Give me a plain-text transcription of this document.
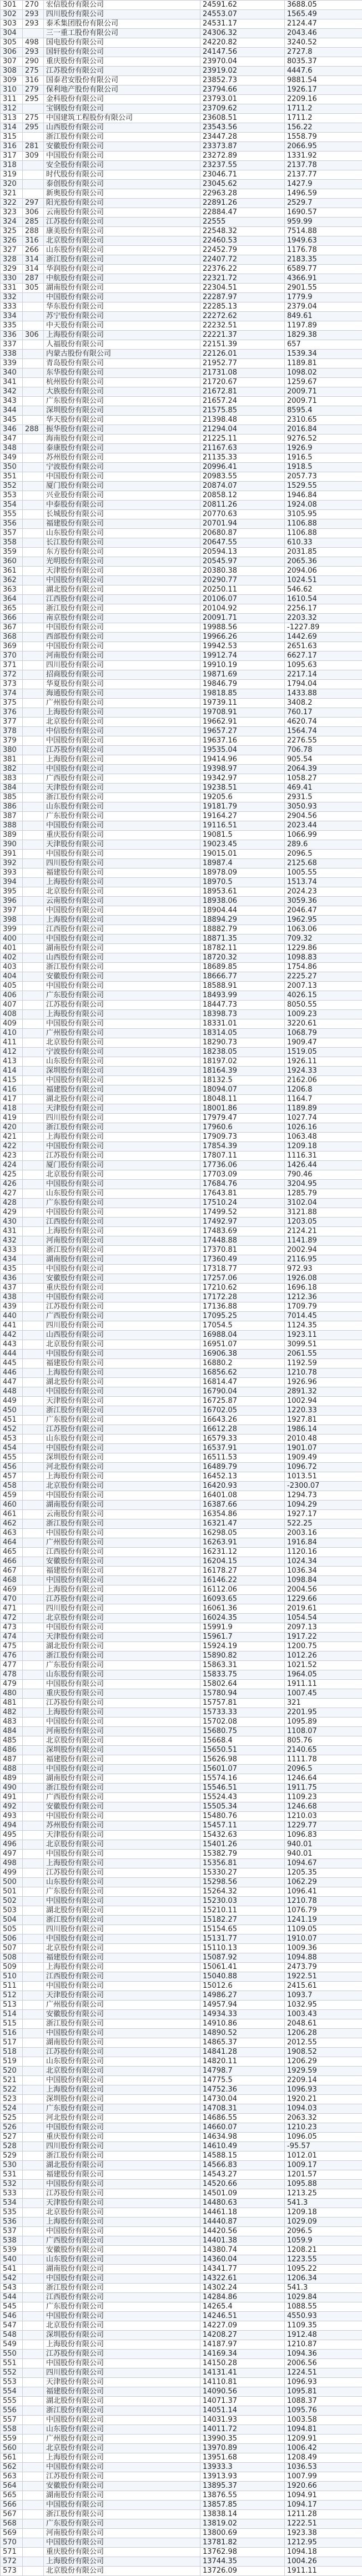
301	270	宏信股份有限公司	24591.62	3688.05
302	293	四川股份有限公司	24553.07	1565.49
303	293	泰禾集团股份有限公司	24531.17	2124.47
304		三一重工股份有限公司	24306.32	2043.46
305	498	国电股份有限公司	24220.82	3240.52
306	293	国轩股份有限公司	24147.56	2727.8
307	290	重庆股份有限公司	23970.04	8035.37
308	275	江苏股份有限公司	23919.02	4447.6
309	316	国泰君安股份有限公司	23852.73	9881.54
310	279	保利地产股份有限公司	23794.66	1926.17
311	295	金科股份有限公司	23793.01	2209.16
312		宝钢股份有限公司	23709.62	1711.2
313	275	中国建筑工程股份有限公司	23608.51	1711.2
314	295	山西股份有限公司	23543.56	156.22
315		浙江股份有限公司	23447.28	1558.79
316	281	安徽股份有限公司	23373.87	2066.95
317	309	中国股份有限公司	23272.89	1331.92
318		安全股份有限公司	23237.55	2137.78
319		时代股份有限公司	23046.71	2137.77
320		泰创股份有限公司	23045.62	1427.9
321		新奥股份有限公司	22963.28	1496.59
322	297	阳光股份有限公司	22891.26	2529.7
323	306	云南股份有限公司	22884.47	1690.57
324	285	江苏股份有限公司	22555	959.99
325	288	康美股份有限公司	22548.32	7514.88
326	316	北京股份有限公司	22460.53	1949.63
327	266	山东股份有限公司	22452.79	1176.78
328	314	浙江股份有限公司	22407.72	2183.35
329	314	华润股份有限公司	22376.22	6589.77
330	287	中航股份有限公司	22321.72	4366.91
331	305	湖南股份有限公司	22304.51	2901.55
332		中国股份有限公司	22287.97	1779.9
333		华东股份有限公司	22285.13	2379.04
334		苏宁股份有限公司	22272.62	849.61
335		中天股份有限公司	22232.51	1197.89
336	306	上海股份有限公司	22221.37	1829.38
337		人福股份有限公司	22151.39	657
338		内蒙古股份有限公司	22126.01	1539.34
339		青岛股份有限公司	21952.77	1189.81
340		东华股份有限公司	21731.08	1098.02
341		杭州股份有限公司	21720.67	1259.67
342		大族股份有限公司	21672.81	2009.71
343		广东股份有限公司	21657.24	2009.71
344		深圳股份有限公司	21575.85	8595.4
345		华天股份有限公司	21398.48	2310.65
346	288	振华股份有限公司	21294.04	2016.84
347		海南股份有限公司	21225.11	9276.52
348		泰康股份有限公司	21167.63	1926.9
349		苏州股份有限公司	21135.33	1916.5
350		宁波股份有限公司	20996.41	1918.5
351		中国股份有限公司	20983.55	2057.73
352		厦门股份有限公司	20874.07	1529.55
353		兴业股份有限公司	20858.12	1946.84
354		中泰股份有限公司	20811.26	1924.08
355		长城股份有限公司	20770.63	3105.95
356		福建股份有限公司	20701.94	1106.88
357		山东股份有限公司	20680.87	1106.88
358		长江股份有限公司	20647.55	610.33
359		东方股份有限公司	20594.13	2031.85
360		光明股份有限公司	20545.97	2065.36
361		天津股份有限公司	20380.38	2094.06
362		中国股份有限公司	20290.77	1024.51
363		湖北股份有限公司	20250.11	546.62
364		江西股份有限公司	20106.07	1610.54
365		浙江股份有限公司	20104.92	2256.17
366		南京股份有限公司	20091.71	2203.32
367		中国股份有限公司	19988.56	-1227.89
368		西部股份有限公司	19966.26	1442.69
369		中国股份有限公司	19942.53	2651.63
370		河南股份有限公司	19912.74	6627.17
371		四川股份有限公司	19910.19	1095.63
372		招商股份有限公司	19871.69	2217.14
373		华夏股份有限公司	19846.79	1794.04
374		海通股份有限公司	19818.85	1433.88
375		广州股份有限公司	19739.11	3408.2
376		上海股份有限公司	19708.91	760.17
377		北京股份有限公司	19662.91	4620.74
378		中信股份有限公司	19657.27	1564.74
379		中国股份有限公司	19637.16	2276.55
380		江苏股份有限公司	19535.04	706.78
381		上海股份有限公司	19414.96	905.54
382		中国股份有限公司	19398.97	2064.39
383		广西股份有限公司	19342.97	1058.27
384		天津股份有限公司	19238.51	469.41
385		浙江股份有限公司	19205.6	2931.5
386		山东股份有限公司	19181.79	3050.93
387		广东股份有限公司	19164.27	2904.56
388		中国股份有限公司	19116.51	2023.44
389		重庆股份有限公司	19081.5	1066.99
390		天津股份有限公司	19023.45	289.6
391		中国股份有限公司	19015.01	2096.5
392		四川股份有限公司	18987.4	2125.68
393		福建股份有限公司	18978.09	1005.55
394		上海股份有限公司	18970.5	1513.74
395		北京股份有限公司	18953.61	2024.23
396		云南股份有限公司	18938.06	3059.36
397		中国股份有限公司	18904.44	2046.47
398		上海股份有限公司	18894.29	1962.95
399		江西股份有限公司	18882.79	1063.06
400		中国股份有限公司	18871.35	709.32
401		湖南股份有限公司	18782.11	1229.86
402		山西股份有限公司	18720.32	1098.83
403		浙江股份有限公司	18689.85	1754.86
404		安徽股份有限公司	18666.77	2225.27
405		中国股份有限公司	18588.91	2007.13
406		广东股份有限公司	18493.99	4026.15
407		江苏股份有限公司	18447.73	8050.55
408		上海股份有限公司	18398.73	1009.23
409		中国股份有限公司	18331.01	3220.61
410		广州股份有限公司	18314.05	1068.79
411		北京股份有限公司	18290.73	1909.47
412		宁波股份有限公司	18238.05	1519.05
413		山东股份有限公司	18197.02	1926.11
414		深圳股份有限公司	18164.39	1924.33
415		中国股份有限公司	18132.5	2162.06
416		福建股份有限公司	18094.07	1206.8
417		湖北股份有限公司	18048.11	1164.7
418		天津股份有限公司	18001.86	1189.89
419		四川股份有限公司	17979.47	1027.74
420		浙江股份有限公司	17960.6	1026.16
421		上海股份有限公司	17909.73	1063.48
422		中国股份有限公司	17854.39	1209.18
423		江苏股份有限公司	17807.11	1116.31
424		厦门股份有限公司	17736.06	1426.44
425		北京股份有限公司	17703.09	790.46
426		中国股份有限公司	17684.76	3204.95
427		山东股份有限公司	17643.81	1285.79
428		广东股份有限公司	17510.24	3102.04
429		中国股份有限公司	17499.52	3121.88
430		江西股份有限公司	17492.97	1203.05
431		上海股份有限公司	17483.69	2124.21
432		河南股份有限公司	17448.88	1141.89
433		浙江股份有限公司	17370.81	2002.94
434		湖南股份有限公司	17360.49	2116.95
435		中国股份有限公司	17318.77	972.93
436		安徽股份有限公司	17257.06	1926.08
437		重庆股份有限公司	17210.62	1696.18
438		中国股份有限公司	17172.28	1212.36
439		江苏股份有限公司	17136.88	1709.79
440		广西股份有限公司	17095.25	7014.45
441		四川股份有限公司	17054.5	1124.35
442		山西股份有限公司	16988.04	1923.11
443		北京股份有限公司	16951.07	3099.51
444		中国股份有限公司	16906.38	2061.55
445		福建股份有限公司	16880.2	1192.59
446		上海股份有限公司	16856.62	1210.78
447		湖北股份有限公司	16814.47	1926.96
448		中国股份有限公司	16790.04	2891.32
449		天津股份有限公司	16725.87	1002.94
450		浙江股份有限公司	16702.05	1220.33
451		广东股份有限公司	16643.26	1927.81
452		江苏股份有限公司	16612.28	1986.14
453		山东股份有限公司	16579.33	2010.48
454		中国股份有限公司	16537.91	1901.07
455		深圳股份有限公司	16511.53	1909.49
456		河北股份有限公司	16489.79	1096.72
457		上海股份有限公司	16452.13	1013.51
458		北京股份有限公司	16420.93	-2300.07
459		中国股份有限公司	16401.08	1294.73
460		湖南股份有限公司	16387.66	1094.29
461		云南股份有限公司	16354.86	1927.17
462		浙江股份有限公司	16321.47	522.25
463		中国股份有限公司	16298.05	2003.16
464		广州股份有限公司	16263.91	1916.84
465		江西股份有限公司	16231.12	1120.16
466		安徽股份有限公司	16204.15	1024.34
467		福建股份有限公司	16178.27	1036.34
468		中国股份有限公司	16146.22	1098.84
469		上海股份有限公司	16112.06	2004.56
470		江苏股份有限公司	16093.65	1229.66
471		四川股份有限公司	16061.36	2019.61
472		北京股份有限公司	16024.35	1054.54
473		中国股份有限公司	15991.9	2097.13
474		天津股份有限公司	15961.7	1917.22
475		湖北股份有限公司	15924.19	1200.75
476		浙江股份有限公司	15890.82	1012.26
477		广东股份有限公司	15863.31	1021.52
478		山东股份有限公司	15833.75	1964.05
479		中国股份有限公司	15802.64	1911.11
480		重庆股份有限公司	15780.94	1007.45
481		江苏股份有限公司	15757.81	321
482		上海股份有限公司	15733.33	2201.95
483		中国股份有限公司	15702.08	1095.89
484		河南股份有限公司	15680.75	1108.07
485		北京股份有限公司	15668.4	805.76
486		深圳股份有限公司	15650.51	2140.65
487		福建股份有限公司	15626.98	1111.78
488		中国股份有限公司	15601.07	2096.5
489		湖南股份有限公司	15574.16	1246.64
490		浙江股份有限公司	15546.51	1911.75
491		广西股份有限公司	15524.43	1109.23
492		安徽股份有限公司	15505.34	1246.68
493		中国股份有限公司	15480.76	1210.03
494		苏州股份有限公司	15457.11	1229.77
495		天津股份有限公司	15432.63	1096.83
496		北京股份有限公司	15401.26	940.01
497		中国股份有限公司	15382.79	940.01
498		上海股份有限公司	15356.81	1094.67
499		江苏股份有限公司	15330.27	1205.35
500		山东股份有限公司	15298.56	1062.29
501		广东股份有限公司	15264.32	1096.41
502		中国股份有限公司	15230.03	1210.78
503		湖北股份有限公司	15210.11	1076.79
504		浙江股份有限公司	15182.27	1241.19
505		四川股份有限公司	15154.65	1109.05
506		中国股份有限公司	15131.77	1910.07
507		北京股份有限公司	15110.13	1009.36
508		福建股份有限公司	15087.92	1094.88
509		上海股份有限公司	15061.41	2473.79
510		江西股份有限公司	15040.88	1922.51
511		中国股份有限公司	15012.6	2415.61
512		天津股份有限公司	14986.27	1093.7
513		广州股份有限公司	14957.94	1032.95
514		安徽股份有限公司	14934.33	1003.43
515		浙江股份有限公司	14910.86	2048.61
516		中国股份有限公司	14890.52	1206.28
517		湖南股份有限公司	14865.37	2012.55
518		江苏股份有限公司	14841.28	1908.52
519		山东股份有限公司	14820.11	1206.29
520		北京股份有限公司	14798.7	1929.59
521		中国股份有限公司	14775.5	2209.14
522		上海股份有限公司	14752.36	1096.93
523		深圳股份有限公司	14730.04	1920.21
524		广东股份有限公司	14708.31	1094.03
525		河北股份有限公司	14686.55	2063.32
526		中国股份有限公司	14660.07	1210.23
527		重庆股份有限公司	14634.98	1096.05
528		四川股份有限公司	14610.49	-95.57
529		浙江股份有限公司	14588.15	1012.01
530		湖北股份有限公司	14566.83	1009.17
531		福建股份有限公司	14543.27	1201.57
532		中国股份有限公司	14520.66	1095.88
533		江苏股份有限公司	14501.09	1213.25
534		天津股份有限公司	14480.63	541.3
535		北京股份有限公司	14461.18	1209.18
536		上海股份有限公司	14440.87	1029.09
537		中国股份有限公司	14420.56	2096.5
538		广西股份有限公司	14401.38	1059.9
539		安徽股份有限公司	14380.74	1208.21
540		山东股份有限公司	14360.04	1223.55
541		湖南股份有限公司	14341.77	1095.22
542		中国股份有限公司	14322.61	1206.34
543		浙江股份有限公司	14302.24	541.3
544		江西股份有限公司	14284.86	1029.84
545		广东股份有限公司	14265.4	1088.55
546		中国股份有限公司	14246.51	4550.93
547		北京股份有限公司	14227.09	1109.35
548		深圳股份有限公司	14208.27	1912.48
549		上海股份有限公司	14187.97	1210.87
550		江苏股份有限公司	14169.34	1094.36
551		中国股份有限公司	14150.28	2006.56
552		四川股份有限公司	14131.41	1224.51
553		天津股份有限公司	14110.81	1096.93
554		福建股份有限公司	14090.56	1095.81
555		湖北股份有限公司	14071.37	1088.37
556		浙江股份有限公司	14051.14	1095.76
557		中国股份有限公司	14031.93	1003.58
558		山东股份有限公司	14011.72	1094.81
559		广州股份有限公司	13990.35	1209.91
560		北京股份有限公司	13970.89	1006.42
561		上海股份有限公司	13951.68	1208.49
562		中国股份有限公司	13933.3	1036.53
563		江苏股份有限公司	13913.93	1007.99
564		安徽股份有限公司	13895.37	1920.66
565		湖南股份有限公司	13876.55	1094.91
566		中国股份有限公司	13857.85	1094.17
567		浙江股份有限公司	13838.14	1211.28
568		广东股份有限公司	13819.02	1222.51
569		河南股份有限公司	13800.69	1923.38
570		中国股份有限公司	13781.82	1212.95
571		重庆股份有限公司	13762.98	1094.18
572		上海股份有限公司	13744.35	1004.26
573		北京股份有限公司	13726.09	1911.11
